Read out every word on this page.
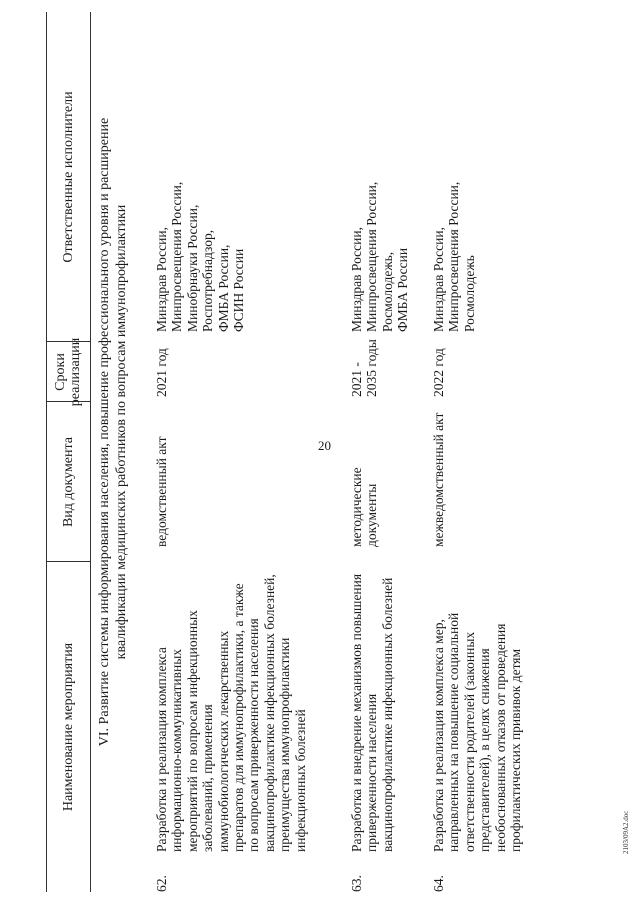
20
Наименование мероприятия
Вид документа
Сроки реализации
Ответственные исполнители	VI. Развитие системы информирования населения, повышение профессионального уровня и расширение квалификации медицинских работников по вопросам иммунопрофилактики
62.
Разработка и реализация комплекса информационно-коммуникативных мероприятий по вопросам инфекционных заболеваний, применения иммунобиологических лекарственных препаратов для иммунопрофилактики, а также по вопросам приверженности населения вакцинопрофилактике инфекционных болезней, преимущества иммунопрофилактики инфекционных болезней
ведомственный акт
2021 год
Минздрав России,
Минпросвещения России,
Минобрнауки России,
Роспотребнадзор,
ФМБА России,
ФСИН России
63.
Разработка и внедрение механизмов повышения приверженности населения вакцинопрофилактике инфекционных болезней
методические документы
2021 - 2035 годы
Минздрав России,
Минпросвещения России,
Росмолодежь,
ФМБА России
64.
Разработка и реализация комплекса мер, направленных на повышение социальной ответственности родителей (законных представителей), в целях снижения необоснованных отказов от проведения профилактических прививок детям
межведомственный акт
2022 год
Минздрав России,
Минпросвещения России,
Росмолодежь
2103/09А2.doc
